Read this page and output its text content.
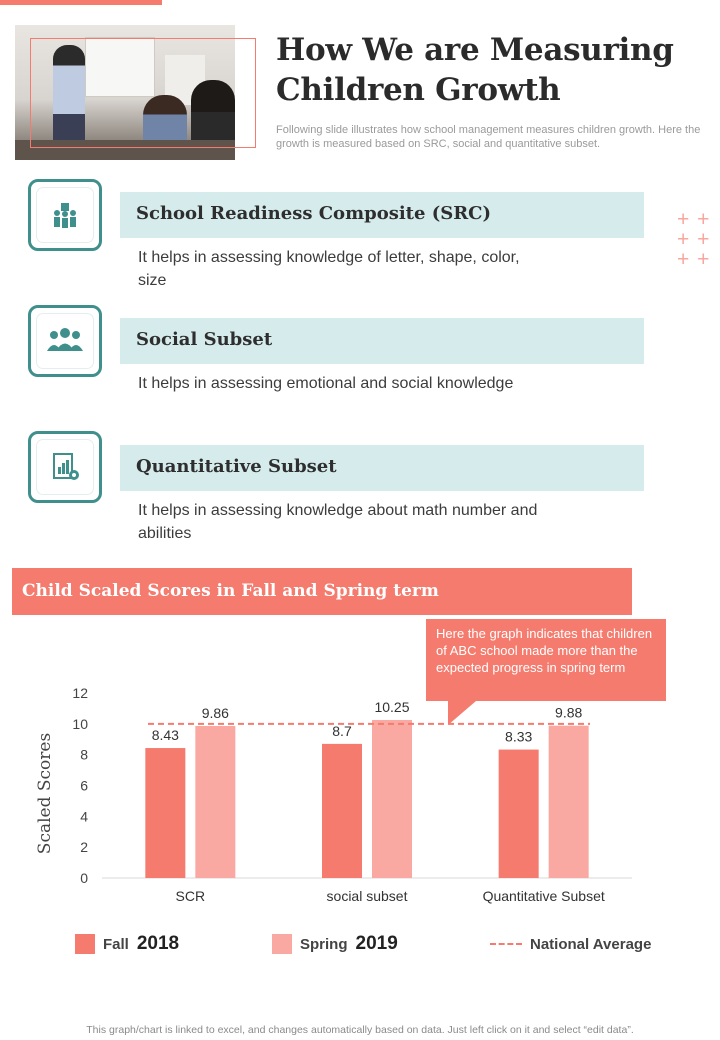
How We are Measuring Children Growth

Following slide illustrates how school management measures children growth. Here the growth is measured based on SRC, social and quantitative subset.

+ +
+ +
+ +
School Readiness Composite (SRC)

It helps in assessing knowledge of letter, shape, color, size

Social Subset

It helps in assessing emotional and social knowledge

Quantitative Subset

It helps in assessing knowledge about math number and abilities

Child Scaled Scores in Fall and Spring term
0
2
4
6
8
10
12
Scaled Scores	8.43
9.86
SCR
8.7
10.25
social subset
8.33
9.88
Quantitative Subset
Here the graph indicates that children of ABC school made more than the expected progress in spring term
Fall 2018	Spring 2019	National Average

This graph/chart is linked to excel, and changes automatically based on data. Just left click on it and select “edit data”.
